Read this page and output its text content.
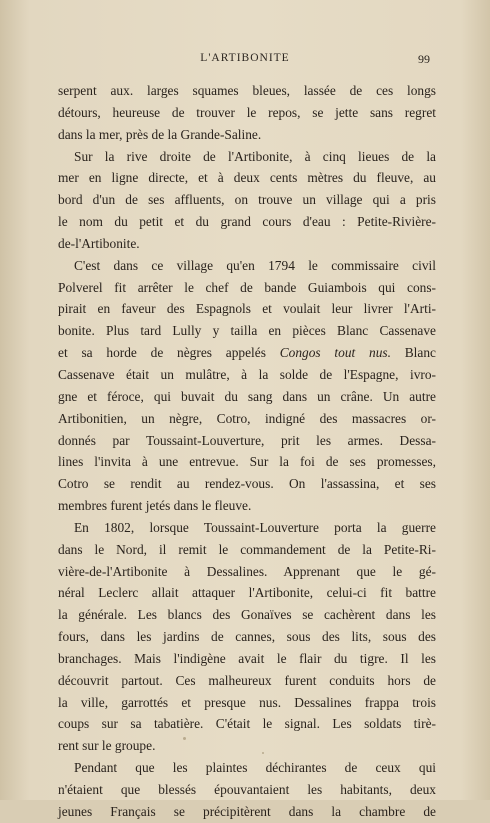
L'ARTIBONITE	99
serpent aux. larges squames bleues, lassée de ces longs
détours, heureuse de trouver le repos, se jette sans regret
dans la mer, près de la Grande-Saline.
Sur la rive droite de l'Artibonite, à cinq lieues de la
mer en ligne directe, et à deux cents mètres du fleuve, au
bord d'un de ses affluents, on trouve un village qui a pris
le nom du petit et du grand cours d'eau : Petite-Rivière-
de-l'Artibonite.
C'est dans ce village qu'en 1794 le commissaire civil
Polverel fit arrêter le chef de bande Guiambois qui cons-
pirait en faveur des Espagnols et voulait leur livrer l'Arti-
bonite. Plus tard Lully y tailla en pièces Blanc Cassenave
et sa horde de nègres appelés Congos tout nus. Blanc
Cassenave était un mulâtre, à la solde de l'Espagne, ivro-
gne et féroce, qui buvait du sang dans un crâne. Un autre
Artibonitien, un nègre, Cotro, indigné des massacres or-
donnés par Toussaint-Louverture, prit les armes. Dessa-
lines l'invita à une entrevue. Sur la foi de ses promesses,
Cotro se rendit au rendez-vous. On l'assassina, et ses
membres furent jetés dans le fleuve.
En 1802, lorsque Toussaint-Louverture porta la guerre
dans le Nord, il remit le commandement de la Petite-Ri-
vière-de-l'Artibonite à Dessalines. Apprenant que le gé-
néral Leclerc allait attaquer l'Artibonite, celui-ci fit battre
la générale. Les blancs des Gonaïves se cachèrent dans les
fours, dans les jardins de cannes, sous des lits, sous des
branchages. Mais l'indigène avait le flair du tigre. Il les
découvrit partout. Ces malheureux furent conduits hors de
la ville, garrottés et presque nus. Dessalines frappa trois
coups sur sa tabatière. C'était le signal. Les soldats tirè-
rent sur le groupe.
Pendant que les plaintes déchirantes de ceux qui
n'étaient que blessés épouvantaient les habitants, deux
jeunes Français se précipitèrent dans la chambre de
